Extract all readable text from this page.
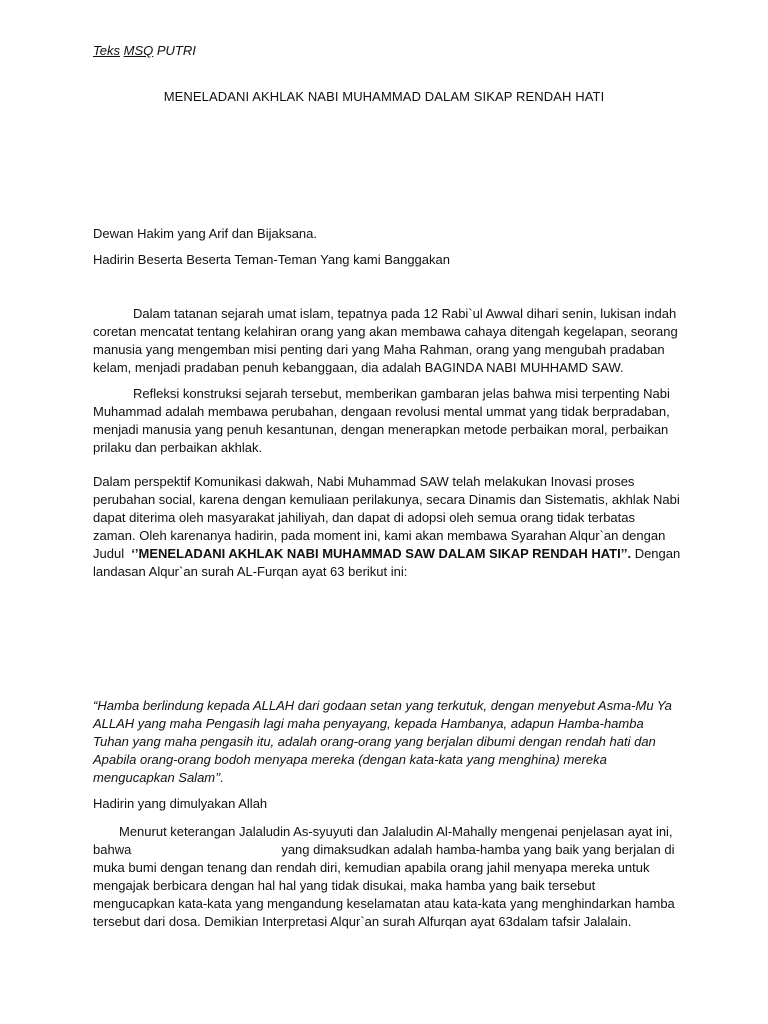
Teks MSQ PUTRI
MENELADANI AKHLAK NABI MUHAMMAD DALAM SIKAP RENDAH HATI
Dewan Hakim yang Arif dan Bijaksana.
Hadirin Beserta Beserta Teman-Teman Yang kami Banggakan
Dalam tatanan sejarah umat islam, tepatnya pada 12 Rabi`ul Awwal dihari senin, lukisan indah
coretan mencatat tentang kelahiran orang yang akan membawa cahaya ditengah kegelapan, seorang
manusia yang mengemban misi penting dari yang Maha Rahman, orang yang mengubah pradaban
kelam, menjadi pradaban penuh kebanggaan, dia adalah BAGINDA NABI MUHHAMD SAW.
Refleksi konstruksi sejarah tersebut, memberikan gambaran jelas bahwa misi terpenting Nabi
Muhammad adalah membawa perubahan, dengaan revolusi mental ummat yang tidak berpradaban,
menjadi manusia yang penuh kesantunan, dengan menerapkan metode perbaikan moral, perbaikan
prilaku dan perbaikan akhlak.
Dalam perspektif Komunikasi dakwah, Nabi Muhammad SAW telah melakukan Inovasi proses
perubahan social, karena dengan kemuliaan perilakunya, secara Dinamis dan Sistematis, akhlak Nabi
dapat diterima oleh masyarakat jahiliyah, dan dapat di adopsi oleh semua orang tidak terbatas
zaman. Oleh karenanya hadirin, pada moment ini, kami akan membawa Syarahan Alqur`an dengan
Judul  ‘’MENELADANI AKHLAK NABI MUHAMMAD SAW DALAM SIKAP RENDAH HATI’’. Dengan
landasan Alqur`an surah AL-Furqan ayat 63 berikut ini:
“Hamba berlindung kepada ALLAH dari godaan setan yang terkutuk, dengan menyebut Asma-Mu Ya
ALLAH yang maha Pengasih lagi maha penyayang, kepada Hambanya, adapun Hamba-hamba
Tuhan yang maha pengasih itu, adalah orang-orang yang berjalan dibumi dengan rendah hati dan
Apabila orang-orang bodoh menyapa mereka (dengan kata-kata yang menghina) mereka
mengucapkan Salam’’.
Hadirin yang dimulyakan Allah
Menurut keterangan Jalaludin As-syuyuti dan Jalaludin Al-Mahally mengenai penjelasan ayat ini,
bahwa	yang dimaksudkan adalah hamba-hamba yang baik yang berjalan di
muka bumi dengan tenang dan rendah diri, kemudian apabila orang jahil menyapa mereka untuk
mengajak berbicara dengan hal hal yang tidak disukai, maka hamba yang baik tersebut
mengucapkan kata-kata yang mengandung keselamatan atau kata-kata yang menghindarkan hamba
tersebut dari dosa. Demikian Interpretasi Alqur`an surah Alfurqan ayat 63dalam tafsir Jalalain.
